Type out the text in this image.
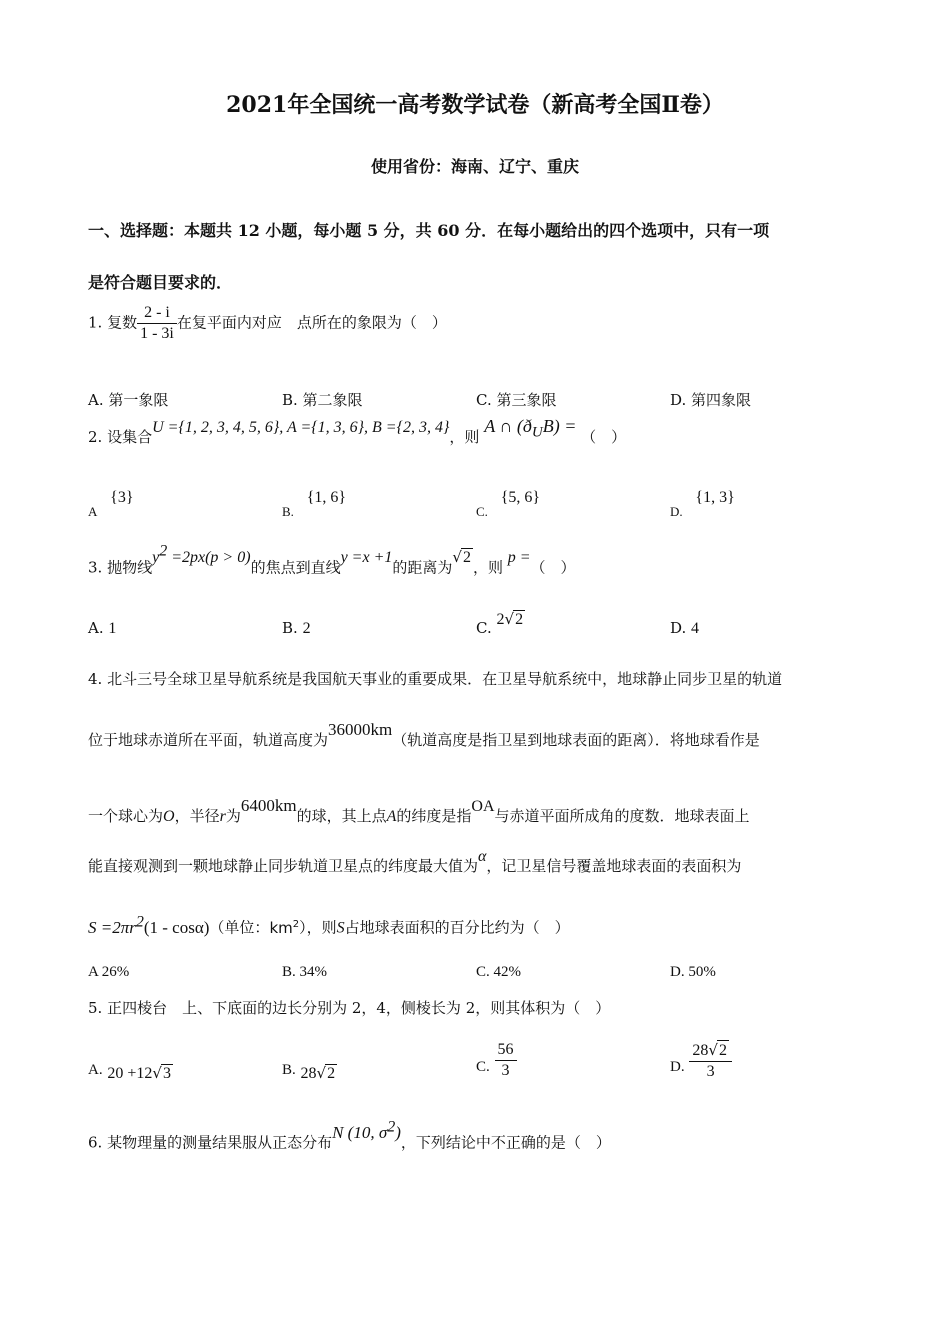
2021年全国统一高考数学试卷（新高考全国Ⅱ卷）
使用省份：海南、辽宁、重庆
一、选择题：本题共 12 小题，每小题 5 分，共 60 分．在每小题给出的四个选项中，只有一项
是符合题目要求的．
1. 复数 $\frac{2 - i}{1 - 3i}$ 在复平面内对应　点所在的象限为（　）
A. 第一象限	B. 第二象限	C. 第三象限	D. 第四象限
2. 设集合U ={1, 2, 3, 4, 5, 6}, A ={1, 3, 6}, B ={2, 3, 4}，则 A ∩ $(ð_UB)$ = （　）
A {3}
B. {1, 6}
C. {5, 6}
D. {1, 3}
3. 抛物线$y^2 =2px(p > 0)$的焦点到直线y =x +1的距离为√2，则 p =（　）
A. 1	B. 2	C. 2√2	D. 4
4. 北斗三号全球卫星导航系统是我国航天事业的重要成果．在卫星导航系统中，地球静止同步卫星的轨道
位于地球赤道所在平面，轨道高度为36000km（轨道高度是指卫星到地球表面的距离）．将地球看作是
一个球心为O，半径r为6400km的球，其上点A的纬度是指OA与赤道平面所成角的度数．地球表面上
能直接观测到一颗地球静止同步轨道卫星点的纬度最大值为α，记卫星信号覆盖地球表面的表面积为
$S =2\pi r^2(1 - \cos\alpha)$（单位：$km^2$），则S占地球表面积的百分比约为（　）
A 26%	B. 34%	C. 42%	D. 50%
5. 正四棱台　上、下底面的边长分别为 2，4，侧棱长为 2，则其体积为（　）
A. 20 +12√3	B. 28√2	C. $\frac{56}{3}$	D. $\frac{28√2}{3}$
6. 某物理量的测量结果服从正态分布N (10, $\sigma^2$)，下列结论中不正确的是（　）
